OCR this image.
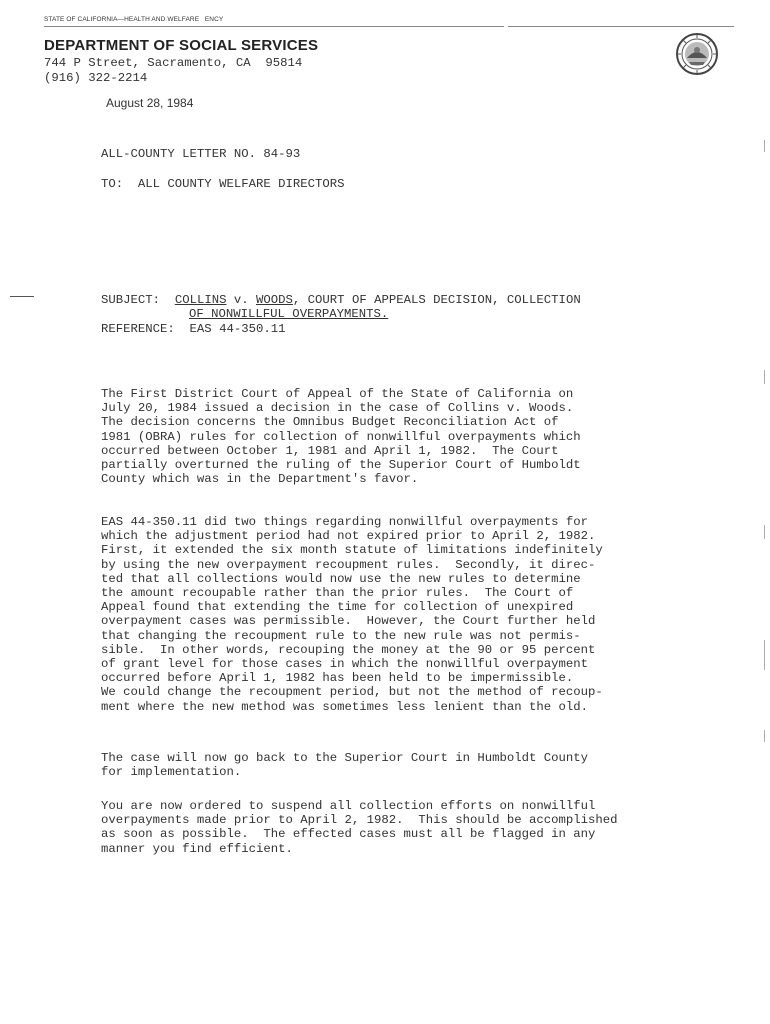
STATE OF CALIFORNIA—HEALTH AND WELFARE   ENCY
DEPARTMENT OF SOCIAL SERVICES
744 P Street, Sacramento, CA  95814
(916) 322-2214
August 28, 1984
ALL-COUNTY LETTER NO. 84-93
TO:  ALL COUNTY WELFARE DIRECTORS
SUBJECT: COLLINS v. WOODS, COURT OF APPEALS DECISION, COLLECTION
OF NONWILLFUL OVERPAYMENTS.
REFERENCE:  EAS 44-350.11
The First District Court of Appeal of the State of California on
July 20, 1984 issued a decision in the case of Collins v. Woods.
The decision concerns the Omnibus Budget Reconciliation Act of
1981 (OBRA) rules for collection of nonwillful overpayments which
occurred between October 1, 1981 and April 1, 1982.  The Court
partially overturned the ruling of the Superior Court of Humboldt
County which was in the Department's favor.
EAS 44-350.11 did two things regarding nonwillful overpayments for
which the adjustment period had not expired prior to April 2, 1982.
First, it extended the six month statute of limitations indefinitely
by using the new overpayment recoupment rules.  Secondly, it direc-
ted that all collections would now use the new rules to determine
the amount recoupable rather than the prior rules.  The Court of
Appeal found that extending the time for collection of unexpired
overpayment cases was permissible.  However, the Court further held
that changing the recoupment rule to the new rule was not permis-
sible.  In other words, recouping the money at the 90 or 95 percent
of grant level for those cases in which the nonwillful overpayment
occurred before April 1, 1982 has been held to be impermissible.
We could change the recoupment period, but not the method of recoup-
ment where the new method was sometimes less lenient than the old.
The case will now go back to the Superior Court in Humboldt County
for implementation.
You are now ordered to suspend all collection efforts on nonwillful
overpayments made prior to April 2, 1982.  This should be accomplished
as soon as possible.  The effected cases must all be flagged in any
manner you find efficient.
